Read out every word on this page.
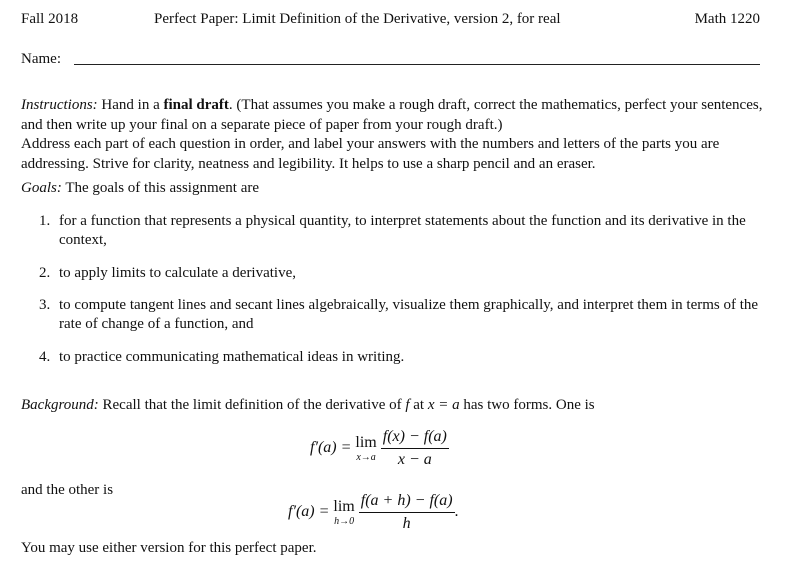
Fall 2018	Perfect Paper: Limit Definition of the Derivative, version 2, for real	Math 1220
Name:
Instructions: Hand in a final draft. (That assumes you make a rough draft, correct the mathematics, perfect your sentences, and then write up your final on a separate piece of paper from your rough draft.)
Address each part of each question in order, and label your answers with the numbers and letters of the parts you are addressing. Strive for clarity, neatness and legibility. It helps to use a sharp pencil and an eraser.
Goals: The goals of this assignment are
1. for a function that represents a physical quantity, to interpret statements about the function and its derivative in the context,
2. to apply limits to calculate a derivative,
3. to compute tangent lines and secant lines algebraically, visualize them graphically, and interpret them in terms of the rate of change of a function, and
4. to practice communicating mathematical ideas in writing.
Background: Recall that the limit definition of the derivative of f at x = a has two forms. One is
f′(a) = lim
x→a
$\frac{f(x) - f(a)}{x - a}$
and the other is
f′(a) = lim
h→0
$\frac{f(a + h) - f(a)}{h}$ .
You may use either version for this perfect paper.
